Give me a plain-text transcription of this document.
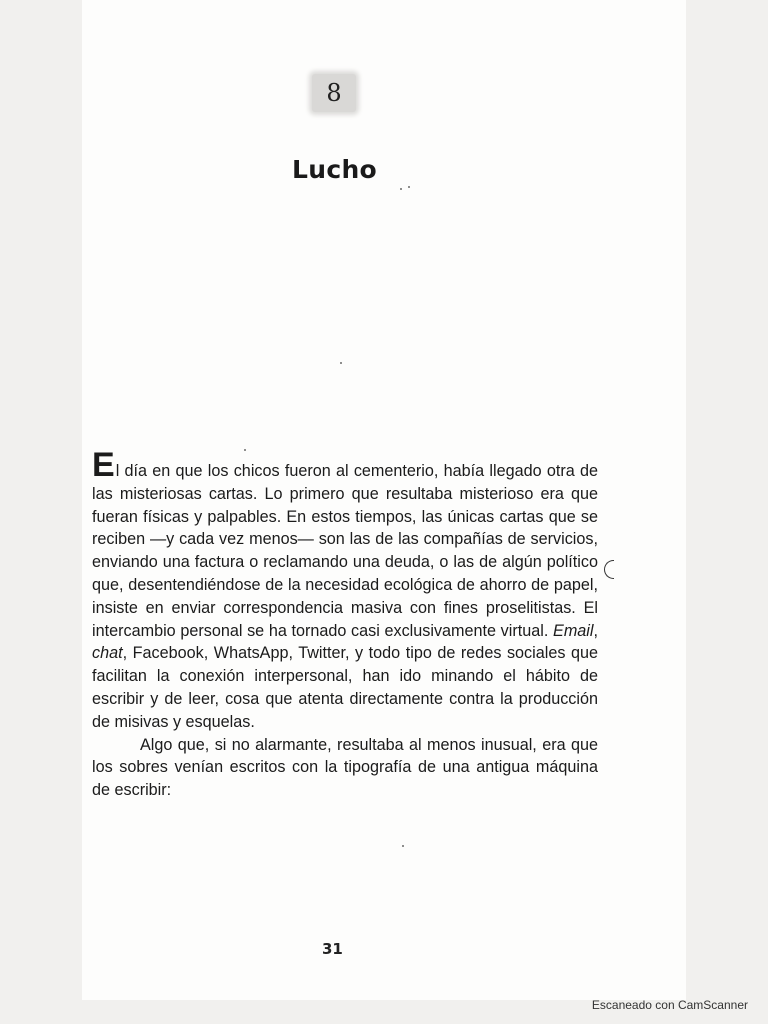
8
Lucho

El día en que los chicos fueron al cementerio, había llegado otra de las misteriosas cartas. Lo primero que resultaba misterioso era que fueran físicas y palpables. En estos tiempos, las únicas cartas que se reciben —y cada vez menos— son las de las compañías de servicios, enviando una factura o reclamando una deuda, o las de algún político que, desentendiéndose de la necesidad ecológica de ahorro de papel, insiste en enviar correspondencia masiva con fines proselitistas. El intercambio personal se ha tornado casi exclusivamente virtual. Email, chat, Facebook, WhatsApp, Twitter, y todo tipo de redes sociales que facilitan la conexión interpersonal, han ido minando el hábito de escribir y de leer, cosa que atenta directamente contra la producción de misivas y esquelas.

Algo que, si no alarmante, resultaba al menos inusual, era que los sobres venían escritos con la tipografía de una antigua máquina de escribir:

31
Escaneado con CamScanner
